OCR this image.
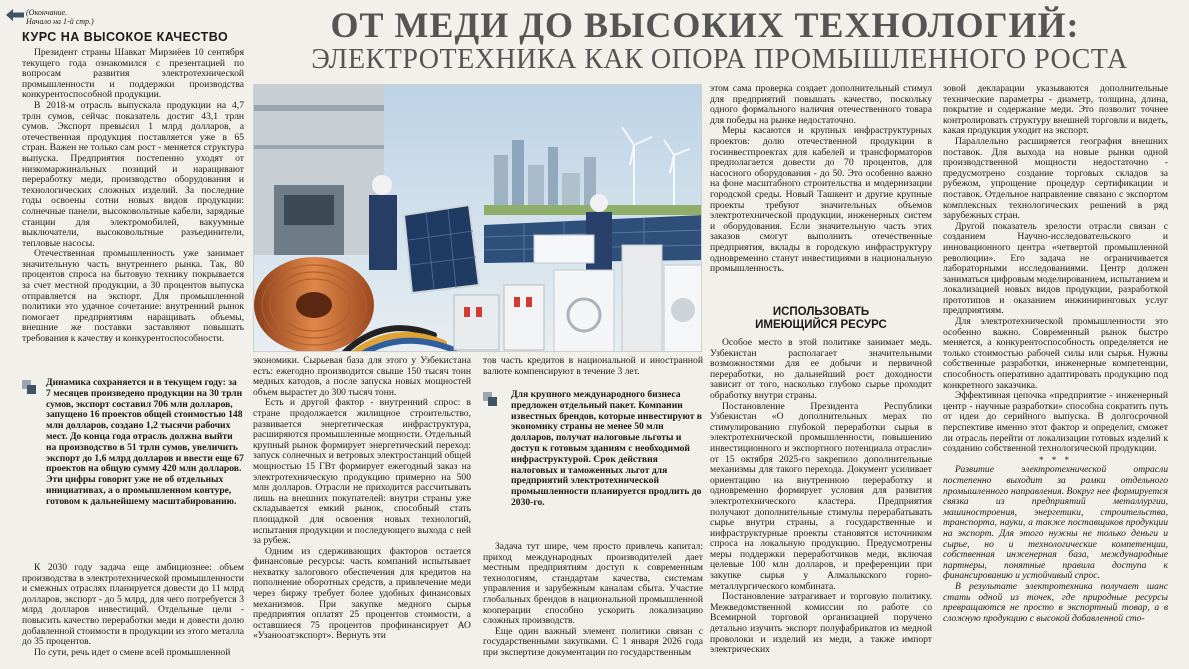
(Окончание.
Начало на 1-й стр.)	ОТ МЕДИ ДО ВЫСОКИХ ТЕХНОЛОГИЙ:
ЭЛЕКТРОТЕХНИКА КАК ОПОРА ПРОМЫШЛЕННОГО РОСТА
КУРС НА ВЫСОКОЕ КАЧЕСТВО

Президент страны Шавкат Мирзиёев 10 сентября текущего года ознакомился с презентацией по вопросам развития электротехнической промышленности и поддержки производства конкурентоспособной продукции.

В 2018-м отрасль выпускала продукции на 4,7 трлн сумов, сейчас показатель достиг 43,1 трлн сумов. Экспорт превысил 1 млрд долларов, а отечественная продукция поставляется уже в 65 стран. Важен не только сам рост - меняется структура выпуска. Предприятия постепенно уходят от низкомаржинальных позиций и наращивают переработку меди, производство оборудования и технологических сложных изделий. За последние годы освоены сотни новых видов продукции: солнечные панели, высоковольтные кабели, зарядные станции для электромобилей, вакуумные выключатели, высоковольтные разъединители, тепловые насосы.

Отечественная промышленность уже занимает значительную часть внутреннего рынка. Так, 80 процентов спроса на бытовую технику покрывается за счет местной продукции, а 30 процентов выпуска отправляется на экспорт. Для промышленной политики это удачное сочетание: внутренний рынок помогает предприятиям наращивать объемы, внешние же поставки заставляют повышать требования к качеству и конкурентоспособности.

Динамика сохраняется и в текущем году: за 7 месяцев произведено продукции на 30 трлн сумов, экспорт составил 706 млн долларов, запущено 16 проектов общей стоимостью 148 млн долларов, создано 1,2 тысячи рабочих мест. До конца года отрасль должна выйти на производство в 51 трлн сумов, увеличить экспорт до 1,6 млрд долларов и ввести еще 67 проектов на общую сумму 420 млн долларов. Эти цифры говорят уже не об отдельных инициативах, а о промышленном контуре, готовом к дальнейшему масштабированию.

К 2030 году задача еще амбициознее: объем производства в электротехнической промышленности и смежных отраслях планируется довести до 11 млрд долларов, экспорт - до 5 млрд, для чего потребуется 3 млрд долларов инвестиций. Отдельные цели - повысить качество переработки меди и довести долю добавленной стоимости в продукции из этого металла до 35 процентов.

По сути, речь идет о смене всей промышленной

экономики. Сырьевая база для этого у Узбекистана есть: ежегодно производится свыше 150 тысяч тонн медных катодов, а после запуска новых мощностей объем вырастет до 300 тысяч тонн.

Есть и другой фактор - внутренний спрос: в стране продолжается жилищное строительство, развивается энергетическая инфраструктура, расширяются промышленные мощности. Отдельный крупный рынок формирует энергетический переход: запуск солнечных и ветровых электростанций общей мощностью 15 ГВт формирует ежегодный заказ на электротехническую продукцию примерно на 500 млн долларов. Отрасли не приходится рассчитывать лишь на внешних покупателей: внутри страны уже складывается емкий рынок, способный стать площадкой для освоения новых технологий, испытания продукции и последующего выхода с ней за рубеж.

Одним из сдерживающих факторов остается финансовые ресурсы: часть компаний испытывает нехватку залогового обеспечения для кредитов на пополнение оборотных средств, а привлечение меди через биржу требует более удобных финансовых механизмов. При закупке медного сырья предприятия оплатят 25 процентов стоимости, а оставшиеся 75 процентов профинансирует АО «Узанооатэкспорт». Вернуть эти

тов часть кредитов в национальной и иностранной валюте компенсируют в течение 3 лет.

Для крупного международного бизнеса предложен отдельный пакет. Компании известных брендов, которые инвестируют в экономику страны не менее 50 млн долларов, получат налоговые льготы и доступ к готовым зданиям с необходимой инфраструктурой. Срок действия налоговых и таможенных льгот для предприятий электротехнической промышленности планируется продлить до 2030-го.

Задача тут шире, чем просто привлечь капитал: приход международных производителей дает местным предприятиям доступ к современным технологиям, стандартам качества, системам управления и зарубежным каналам сбыта. Участие глобальных брендов в национальной промышленной кооперации способно ускорить локализацию сложных производств.

Еще один важный элемент политики связан с государственными закупками. С 1 января 2026 года при экспертизе документации по государственным

этом сама проверка создает дополнительный стимул для предприятий повышать качество, поскольку одного формального наличия отечественного товара для победы на рынке недостаточно.

Меры касаются и крупных инфраструктурных проектов: долю отечественной продукции в госинвестпроектах для кабелей и трансформаторов предполагается довести до 70 процентов, для насосного оборудования - до 50. Это особенно важно на фоне масштабного строительства и модернизации городской среды. Новый Ташкент и другие крупные проекты требуют значительных объемов электротехнической продукции, инженерных систем и оборудования. Если значительную часть этих заказов смогут выполнить отечественные предприятия, вклады в городскую инфраструктуру одновременно станут инвестициями в национальную промышленность.

ИСПОЛЬЗОВАТЬ
ИМЕЮЩИЙСЯ РЕСУРС

Особое место в этой политике занимает медь. Узбекистан располагает значительными возможностями для ее добычи и первичной переработки, но дальнейший рост доходности зависит от того, насколько глубоко сырье проходит обработку внутри страны.

Постановление Президента Республики Узбекистан «О дополнительных мерах по стимулированию глубокой переработки сырья в электротехнической промышленности, повышению инвестиционного и экспортного потенциала отрасли» от 15 октября 2025-го закрепило дополнительные механизмы для такого перехода. Документ усиливает ориентацию на внутреннюю переработку и одновременно формирует условия для развития электротехнического кластера. Предприятия получают дополнительные стимулы перерабатывать сырье внутри страны, а государственные и инфраструктурные проекты становятся источником спроса на локальную продукцию. Предусмотрены меры поддержки переработчиков меди, включая целевые 100 млн долларов, и преференции при закупке сырья у Алмалыкского горно-металлургического комбината.

Постановление затрагивает и торговую политику. Межведомственной комиссии по работе со Всемирной торговой организацией поручено детально изучить экспорт полуфабрикатов из медной проволоки и изделий из меди, а также импорт электрических

зовой декларации указываются дополнительные технические параметры - диаметр, толщина, длина, покрытие и содержание меди. Это позволит точнее контролировать структуру внешней торговли и видеть, какая продукция уходит на экспорт.

Параллельно расширяется география внешних поставок. Для выхода на новые рынки одной производственной мощности недостаточно - предусмотрено создание торговых складов за рубежом, упрощение процедур сертификации и поставок. Отдельное направление связано с экспортом комплексных технологических решений в ряд зарубежных стран.

Другой показатель зрелости отрасли связан с созданием Научно-исследовательского и инновационного центра «четвертой промышленной революции». Его задача не ограничивается лабораторными исследованиями. Центр должен заниматься цифровым моделированием, испытанием и локализацией новых видов продукции, разработкой прототипов и оказанием инжиниринговых услуг предприятиям.

Для электротехнической промышленности это особенно важно. Современный рынок быстро меняется, а конкурентоспособность определяется не только стоимостью рабочей силы или сырья. Нужны собственные разработки, инженерные компетенции, способность оперативно адаптировать продукцию под конкретного заказчика.

Эффективная цепочка «предприятие - инженерный центр - научные разработки» способна сократить путь от идеи до серийного выпуска. В долгосрочной перспективе именно этот фактор и определит, сможет ли отрасль перейти от локализации готовых изделий к созданию собственной технологической продукции.

* * *

Развитие электротехнической отрасли постепенно выходит за рамки отдельного промышленного направления. Вокруг нее формируется связка из предприятий металлургии, машиностроения, энергетики, строительства, транспорта, науки, а также поставщиков продукции на экспорт. Для этого нужны не только деньги и сырье, но и технологические компетенции, собственная инженерная база, международные партнеры, понятные правила доступа к финансированию и устойчивый спрос.

В результате электротехника получает шанс стать одной из точек, где природные ресурсы превращаются не просто в экспортный товар, а в сложную продукцию с высокой добавленной сто-
